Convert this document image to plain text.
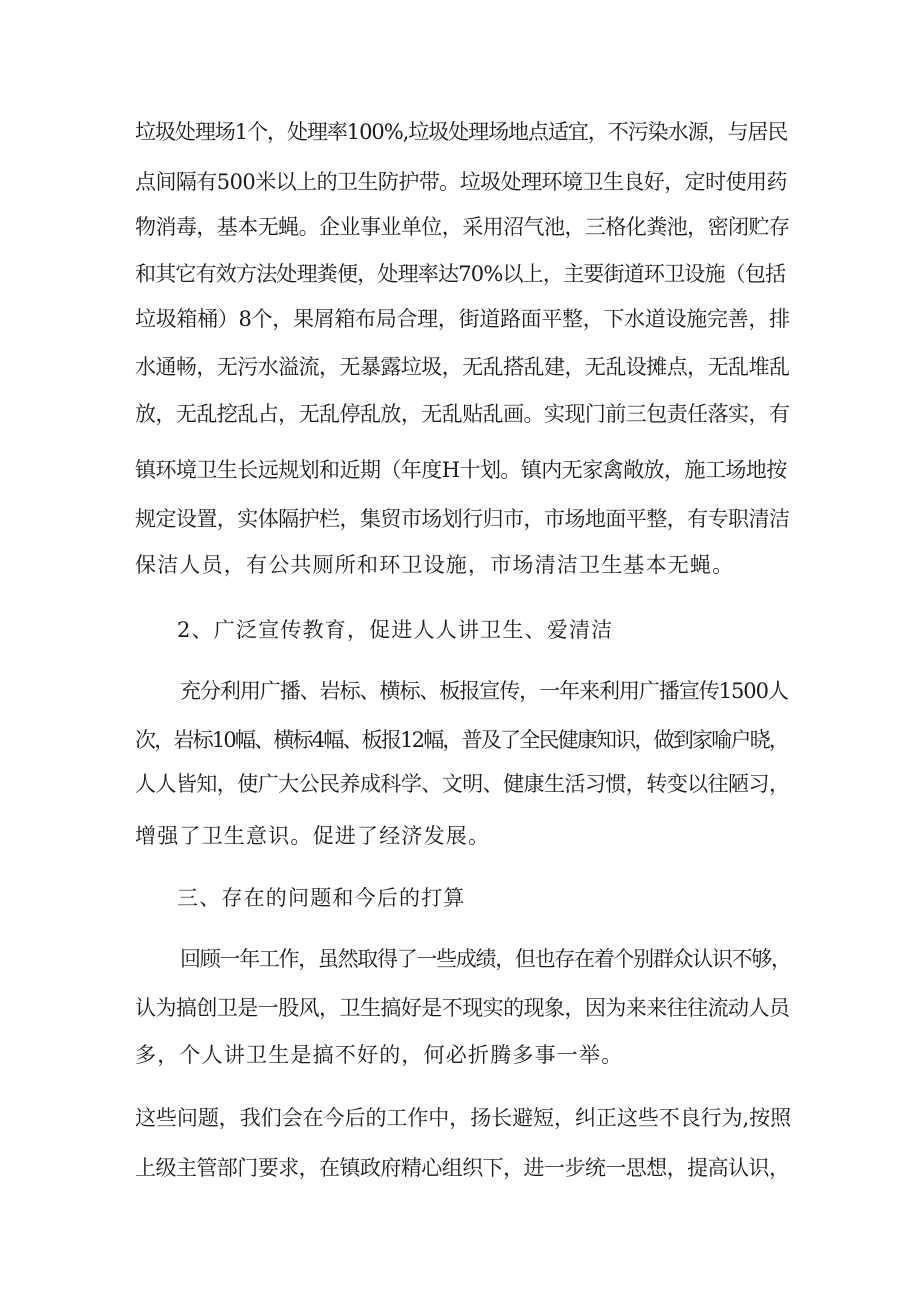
垃圾处理场1个，处理率100%,垃圾处理场地点适宜，不污染水源，与居民
点间隔有500米以上的卫生防护带。垃圾处理环境卫生良好，定时使用药
物消毒，基本无蝇。企业事业单位，采用沼气池，三格化粪池，密闭贮存
和其它有效方法处理粪便，处理率达70%以上，主要街道环卫设施（包括
垃圾箱桶）8个，果屑箱布局合理，街道路面平整，下水道设施完善，排
水通畅，无污水溢流，无暴露垃圾，无乱搭乱建，无乱设摊点，无乱堆乱
放，无乱挖乱占，无乱停乱放，无乱贴乱画。实现门前三包责任落实，有
镇环境卫生长远规划和近期（年度H十划。镇内无家禽敞放，施工场地按
规定设置，实体隔护栏，集贸市场划行归市，市场地面平整，有专职清洁
保洁人员，有公共厕所和环卫设施，市场清洁卫生基本无蝇。
2、广泛宣传教育，促进人人讲卫生、爱清洁
充分利用广播、岩标、横标、板报宣传，一年来利用广播宣传1500人
次，岩标10幅、横标4幅、板报12幅，普及了全民健康知识，做到家喻户晓，
人人皆知，使广大公民养成科学、文明、健康生活习惯，转变以往陋习，
增强了卫生意识。促进了经济发展。
三、存在的问题和今后的打算
回顾一年工作，虽然取得了一些成绩，但也存在着个别群众认识不够，
认为搞创卫是一股风，卫生搞好是不现实的现象，因为来来往往流动人员
多，个人讲卫生是搞不好的，何必折腾多事一举。
这些问题，我们会在今后的工作中，扬长避短，纠正这些不良行为,按照
上级主管部门要求，在镇政府精心组织下，进一步统一思想，提高认识，
